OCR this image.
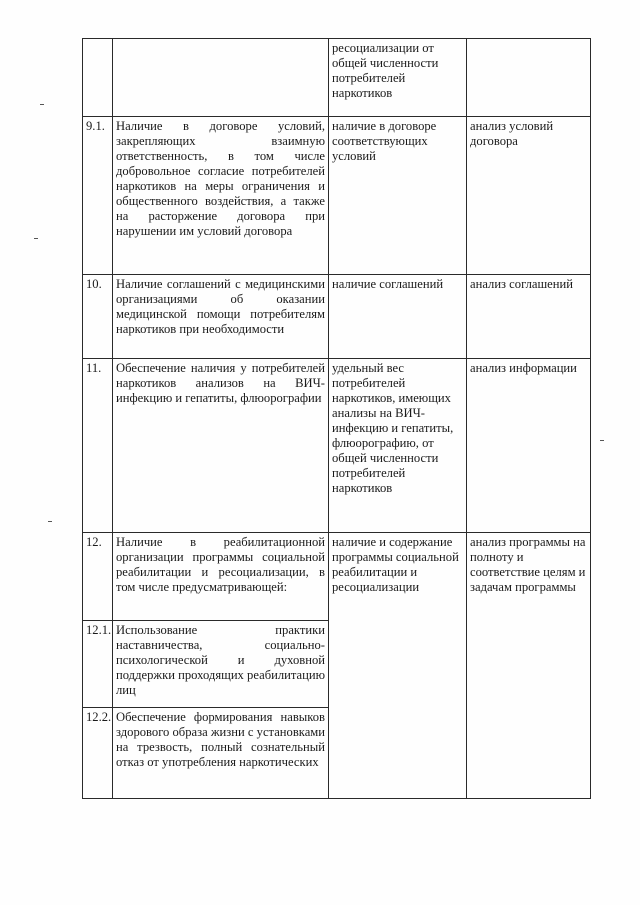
		ресоциализации от общей численности потребителей наркотиков	
9.1.	Наличие в договоре условий, закрепляющих взаимную ответственность, в том числе добровольное согласие потребителей наркотиков на меры ограничения и общественного воздействия, а также на расторжение договора при нарушении им условий договора	наличие в договоре соответствующих условий	анализ условий договора
10.	Наличие соглашений с медицинскими организациями об оказании медицинской помощи потребителям наркотиков при необходимости	наличие соглашений	анализ соглашений
11.	Обеспечение наличия у потребителей наркотиков анализов на ВИЧ-инфекцию и гепатиты, флюорографии	удельный вес потребителей наркотиков, имеющих анализы на ВИЧ-инфекцию и гепатиты, флюорографию, от общей численности потребителей наркотиков	анализ информации
12.	Наличие в реабилитационной организации программы социальной реабилитации и ресоциализации, в том числе предусматривающей:	наличие и содержание программы социальной реабилитации и ресоциализации	анализ программы на полноту и соответствие целям и задачам программы
12.1.	Использование практики наставничества, социально-психологической и духовной поддержки проходящих реабилитацию лиц		
12.2.	Обеспечение формирования навыков здорового образа жизни с установками на трезвость, полный сознательный отказ от употребления наркотических		
